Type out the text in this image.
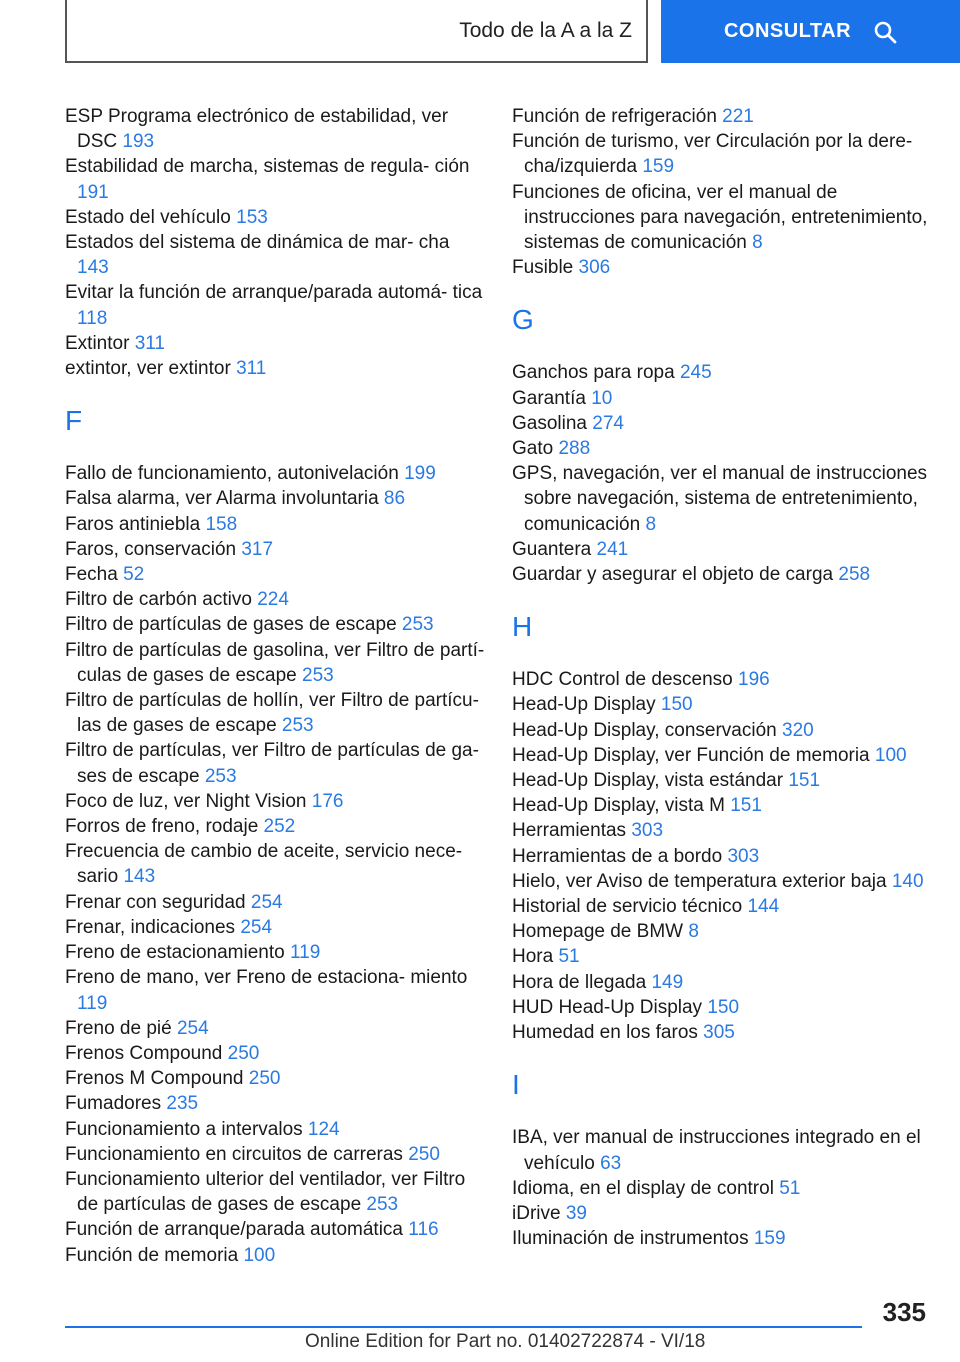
Todo de la A a la Z	CONSULTAR
ESP Programa electrónico de estabilidad, ver DSC 193
Estabilidad de marcha, sistemas de regula‐ ción 191
Estado del vehículo 153
Estados del sistema de dinámica de mar‐ cha 143
Evitar la función de arranque/parada automá‐ tica 118
Extintor 311
extintor, ver extintor 311
F
Fallo de funcionamiento, autonivelación 199
Falsa alarma, ver Alarma involuntaria 86
Faros antiniebla 158
Faros, conservación 317
Fecha 52
Filtro de carbón activo 224
Filtro de partículas de gases de escape 253
Filtro de partículas de gasolina, ver Filtro de partí‐ culas de gases de escape 253
Filtro de partículas de hollín, ver Filtro de partícu‐ las de gases de escape 253
Filtro de partículas, ver Filtro de partículas de ga‐ ses de escape 253
Foco de luz, ver Night Vision 176
Forros de freno, rodaje 252
Frecuencia de cambio de aceite, servicio nece‐ sario 143
Frenar con seguridad 254
Frenar, indicaciones 254
Freno de estacionamiento 119
Freno de mano, ver Freno de estaciona‐ miento 119
Freno de pié 254
Frenos Compound 250
Frenos M Compound 250
Fumadores 235
Funcionamiento a intervalos 124
Funcionamiento en circuitos de carreras 250
Funcionamiento ulterior del ventilador, ver Filtro de partículas de gases de escape 253
Función de arranque/parada automática 116
Función de memoria 100
Función de refrigeración 221
Función de turismo, ver Circulación por la dere‐ cha/izquierda 159
Funciones de oficina, ver el manual de instrucciones para navegación, entretenimiento, sistemas de comunicación 8
Fusible 306
G
Ganchos para ropa 245
Garantía 10
Gasolina 274
Gato 288
GPS, navegación, ver el manual de instrucciones sobre navegación, sistema de entretenimiento, comunicación 8
Guantera 241
Guardar y asegurar el objeto de carga 258
H
HDC Control de descenso 196
Head-Up Display 150
Head-Up Display, conservación 320
Head-Up Display, ver Función de memoria 100
Head-Up Display, vista estándar 151
Head-Up Display, vista M 151
Herramientas 303
Herramientas de a bordo 303
Hielo, ver Aviso de temperatura exterior baja 140
Historial de servicio técnico 144
Homepage de BMW 8
Hora 51
Hora de llegada 149
HUD Head-Up Display 150
Humedad en los faros 305
I
IBA, ver manual de instrucciones integrado en el vehículo 63
Idioma, en el display de control 51
iDrive 39
Iluminación de instrumentos 159
335
Online Edition for Part no. 01402722874 - VI/18
